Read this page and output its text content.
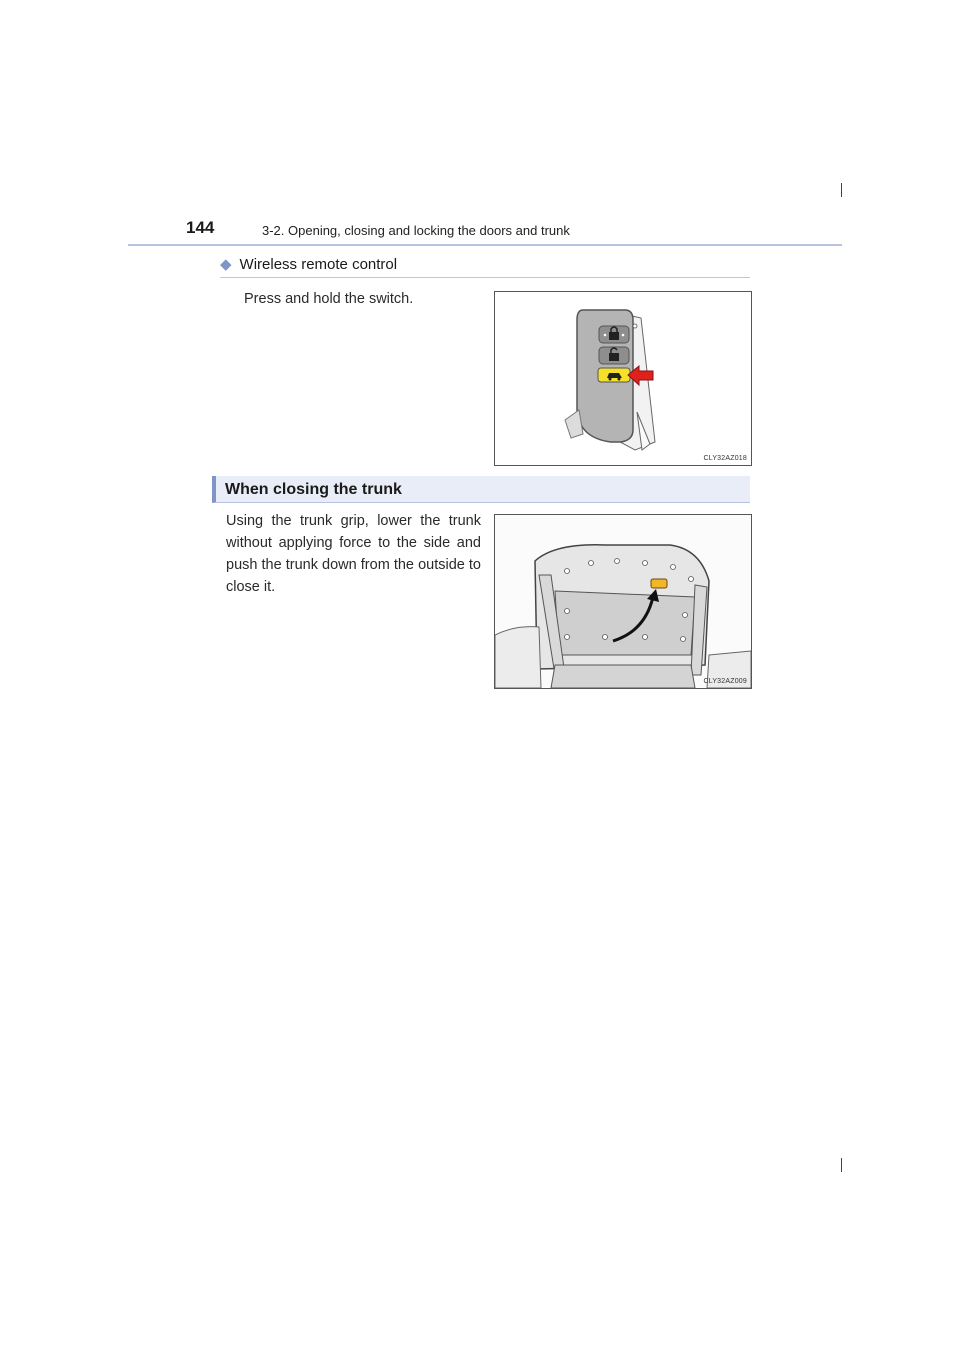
144	3-2. Opening, closing and locking the doors and trunk
◆ Wireless remote control
Press and hold the switch.
CLY32AZ018
When closing the trunk
Using the trunk grip, lower the trunk without applying force to the side and push the trunk down from the outside to close it.
CLY32AZ009
